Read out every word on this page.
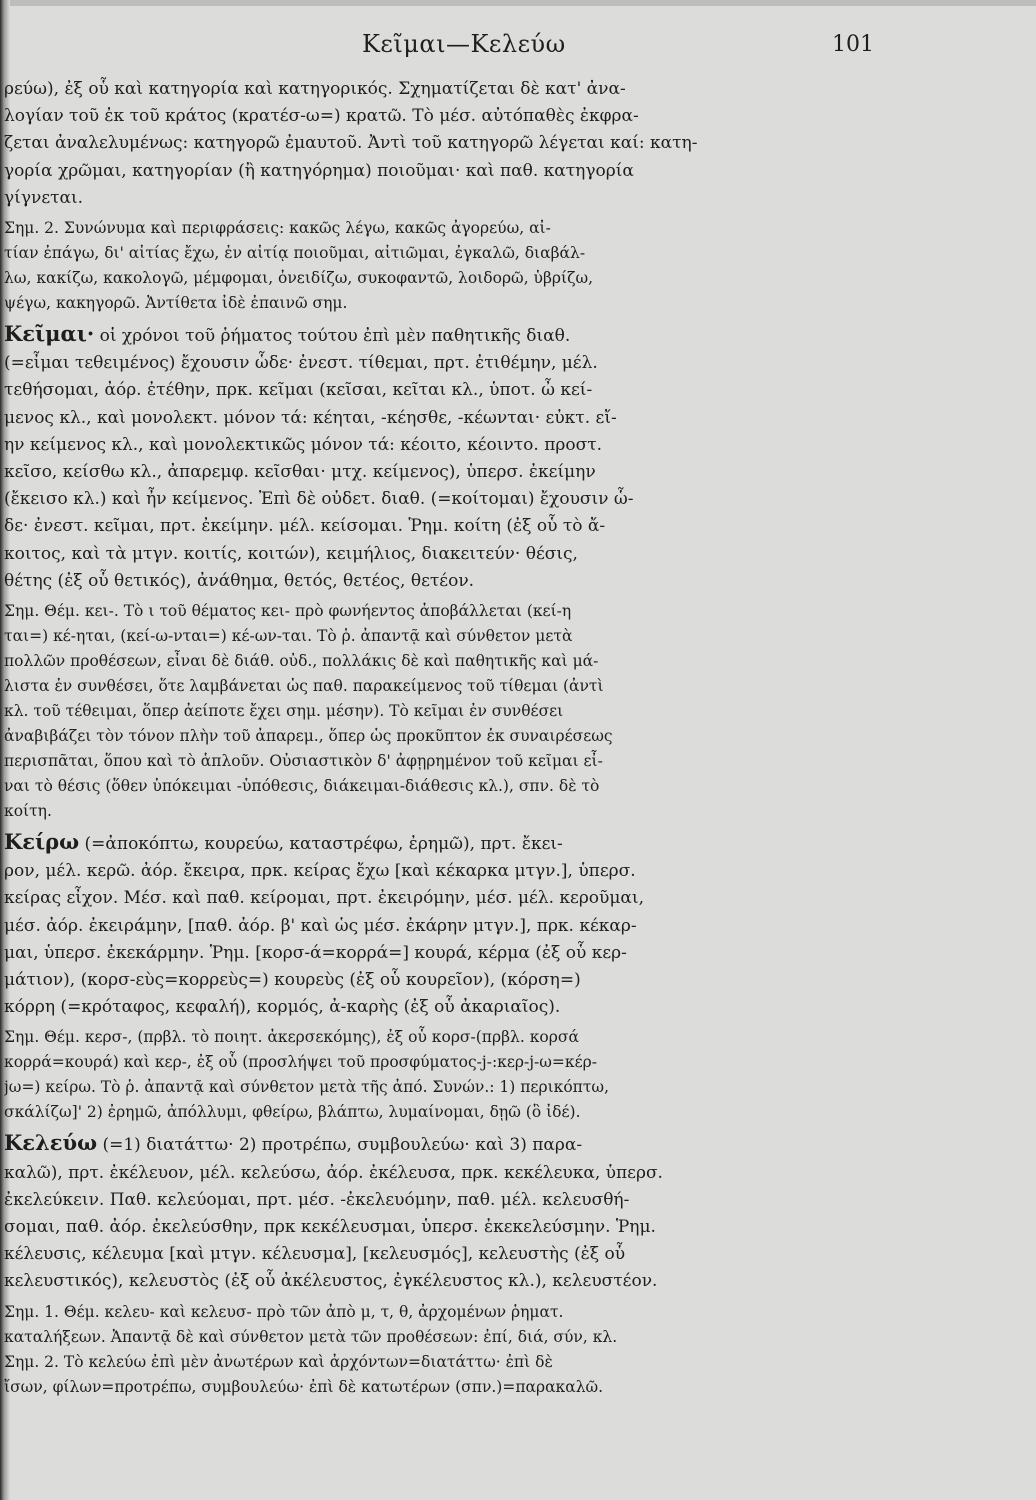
Κεῖμαι—Κελεύω	101
ρεύω), ἐξ οὗ καὶ κατηγορία καὶ κατηγορικός. Σχηματίζεται δὲ κατ' ἀνα-
λογίαν τοῦ ἐκ τοῦ κράτος (κρατέσ-ω=) κρατῶ. Τὸ μέσ. αὐτόπαθὲς ἐκφρα-
ζεται ἀναλελυμένως: κατηγορῶ ἐμαυτοῦ. Ἀντὶ τοῦ κατηγορῶ λέγεται καί: κατη-
γορία χρῶμαι, κατηγορίαν (ἢ κατηγόρημα) ποιοῦμαι· καὶ παθ. κατηγορία
γίγνεται.
Σημ. 2. Συνώνυμα καὶ περιφράσεις: κακῶς λέγω, κακῶς ἀγορεύω, αἰ-
τίαν ἐπάγω, δι' αἰτίας ἔχω, ἐν αἰτίᾳ ποιοῦμαι, αἰτιῶμαι, ἐγκαλῶ, διαβάλ-
λω, κακίζω, κακολογῶ, μέμφομαι, ὀνειδίζω, συκοφαντῶ, λοιδορῶ, ὑβρίζω,
ψέγω, κακηγορῶ. Ἀντίθετα ἰδὲ ἐπαινῶ σημ.
Κεῖμαι· οἱ χρόνοι τοῦ ῥήματος τούτου ἐπὶ μὲν παθητικῆς διαθ.
(=εἶμαι τεθειμένος) ἔχουσιν ὧδε· ἐνεστ. τίθεμαι, πρτ. ἐτιθέμην, μέλ.
τεθήσομαι, ἀόρ. ἐτέθην, πρκ. κεῖμαι (κεῖσαι, κεῖται κλ., ὑποτ. ὦ κεί-
μενος κλ., καὶ μονολεκτ. μόνον τά: κέηται, -κέησθε, -κέωνται· εὐκτ. εἴ-
ην κείμενος κλ., καὶ μονολεκτικῶς μόνον τά: κέοιτο, κέοιντο. προστ.
κεῖσο, κείσθω κλ., ἀπαρεμφ. κεῖσθαι· μτχ. κείμενος), ὑπερσ. ἐκείμην
(ἔκεισο κλ.) καὶ ἦν κείμενος. Ἐπὶ δὲ οὐδετ. διαθ. (=κοίτομαι) ἔχουσιν ὧ-
δε· ἐνεστ. κεῖμαι, πρτ. ἐκείμην. μέλ. κείσομαι. Ῥημ. κοίτη (ἐξ οὗ τὸ ἄ-
κοιτος, καὶ τὰ μτγν. κοιτίς, κοιτών), κειμήλιος, διακειτεύν· θέσις,
θέτης (ἐξ οὗ θετικός), ἀνάθημα, θετός, θετέος, θετέον.
Σημ. Θέμ. κει-. Τὸ ι τοῦ θέματος κει- πρὸ φωνήεντος ἀποβάλλεται (κεί-η
ται=) κέ-ηται, (κεί-ω-νται=) κέ-ων-ται. Τὸ ῥ. ἀπαντᾷ καὶ σύνθετον μετὰ
πολλῶν προθέσεων, εἶναι δὲ διάθ. οὐδ., πολλάκις δὲ καὶ παθητικῆς καὶ μά-
λιστα ἐν συνθέσει, ὅτε λαμβάνεται ὡς παθ. παρακείμενος τοῦ τίθεμαι (ἀντὶ
κλ. τοῦ τέθειμαι, ὅπερ ἀείποτε ἔχει σημ. μέσην). Τὸ κεῖμαι ἐν συνθέσει
ἀναβιβάζει τὸν τόνον πλὴν τοῦ ἀπαρεμ., ὅπερ ὡς προκῦπτον ἐκ συναιρέσεως
περισπᾶται, ὅπου καὶ τὸ ἁπλοῦν. Οὐσιαστικὸν δ' ἀφῃρημένον τοῦ κεῖμαι εἶ-
ναι τὸ θέσις (ὅθεν ὑπόκειμαι -ὑπόθεσις, διάκειμαι-διάθεσις κλ.), σπν. δὲ τὸ
κοίτη.
Κείρω (=ἀποκόπτω, κουρεύω, καταστρέφω, ἐρημῶ), πρτ. ἔκει-
ρον, μέλ. κερῶ. ἀόρ. ἔκειρα, πρκ. κείρας ἔχω [καὶ κέκαρκα μτγν.], ὑπερσ.
κείρας εἶχον. Μέσ. καὶ παθ. κείρομαι, πρτ. ἐκειρόμην, μέσ. μέλ. κεροῦμαι,
μέσ. ἀόρ. ἐκειράμην, [παθ. ἀόρ. β' καὶ ὡς μέσ. ἐκάρην μτγν.], πρκ. κέκαρ-
μαι, ὑπερσ. ἐκεκάρμην. Ῥημ. [κορσ-ά=κορρά=] κουρά, κέρμα (ἐξ οὗ κερ-
μάτιον), (κορσ-εὺς=κορρεὺς=) κουρεὺς (ἐξ οὗ κουρεῖον), (κόρση=)
κόρρη (=κρόταφος, κεφαλή), κορμός, ἀ-καρὴς (ἐξ οὗ ἀκαριαῖος).
Σημ. Θέμ. κερσ-, (πρβλ. τὸ ποιητ. ἀκερσεκόμης), ἐξ οὗ κορσ-(πρβλ. κορσά
κορρά=κουρά) καὶ κερ-, ἐξ οὗ (προσλήψει τοῦ προσφύματος-j-:κερ-j-ω=κέρ-
jω=) κείρω. Τὸ ῥ. ἀπαντᾷ καὶ σύνθετον μετὰ τῆς ἀπό. Συνών.: 1) περικόπτω,
σκάλίζω]' 2) ἐρημῶ, ἀπόλλυμι, φθείρω, βλάπτω, λυμαίνομαι, δῃῶ (ὃ ἰδέ).
Κελεύω (=1) διατάττω· 2) προτρέπω, συμβουλεύω· καὶ 3) παρα-
καλῶ), πρτ. ἐκέλευον, μέλ. κελεύσω, ἀόρ. ἐκέλευσα, πρκ. κεκέλευκα, ὑπερσ.
ἐκελεύκειν. Παθ. κελεύομαι, πρτ. μέσ. -ἐκελευόμην, παθ. μέλ. κελευσθή-
σομαι, παθ. ἀόρ. ἐκελεύσθην, πρκ κεκέλευσμαι, ὑπερσ. ἐκεκελεύσμην. Ῥημ.
κέλευσις, κέλευμα [καὶ μτγν. κέλευσμα], [κελευσμός], κελευστὴς (ἐξ οὗ
κελευστικός), κελευστὸς (ἐξ οὗ ἀκέλευστος, ἐγκέλευστος κλ.), κελευστέον.
Σημ. 1. Θέμ. κελευ- καὶ κελευσ- πρὸ τῶν ἀπὸ μ, τ, θ, ἀρχομένων ῥηματ.
καταλήξεων. Ἀπαντᾷ δὲ καὶ σύνθετον μετὰ τῶν προθέσεων: ἐπί, διά, σύν, κλ.
Σημ. 2. Τὸ κελεύω ἐπὶ μὲν ἀνωτέρων καὶ ἀρχόντων=διατάττω· ἐπὶ δὲ
ἴσων, φίλων=προτρέπω, συμβουλεύω· ἐπὶ δὲ κατωτέρων (σπν.)=παρακαλῶ.
